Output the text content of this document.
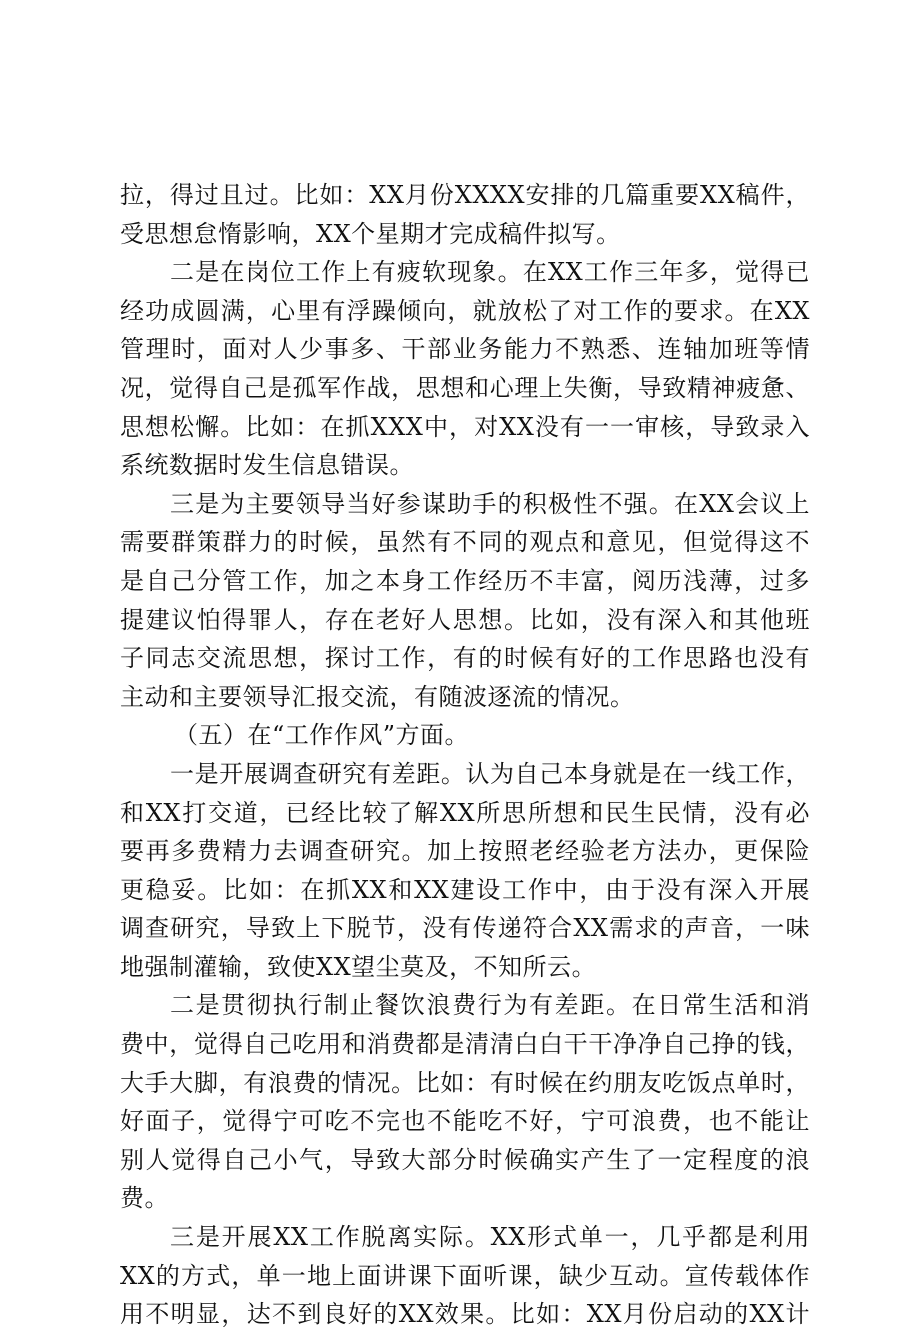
拉，得过且过。比如：XX月份XXXX安排的几篇重要XX稿件，
受思想怠惰影响，XX个星期才完成稿件拟写。
二是在岗位工作上有疲软现象。在XX工作三年多，觉得已
经功成圆满，心里有浮躁倾向，就放松了对工作的要求。在XX
管理时，面对人少事多、干部业务能力不熟悉、连轴加班等情
况，觉得自己是孤军作战，思想和心理上失衡，导致精神疲惫、
思想松懈。比如：在抓XXX中，对XX没有一一审核，导致录入
系统数据时发生信息错误。
三是为主要领导当好参谋助手的积极性不强。在XX会议上
需要群策群力的时候，虽然有不同的观点和意见，但觉得这不
是自己分管工作，加之本身工作经历不丰富，阅历浅薄，过多
提建议怕得罪人，存在老好人思想。比如，没有深入和其他班
子同志交流思想，探讨工作，有的时候有好的工作思路也没有
主动和主要领导汇报交流，有随波逐流的情况。
（五）在“工作作风”方面。
一是开展调查研究有差距。认为自己本身就是在一线工作，
和XX打交道，已经比较了解XX所思所想和民生民情，没有必
要再多费精力去调查研究。加上按照老经验老方法办，更保险
更稳妥。比如：在抓XX和XX建设工作中，由于没有深入开展
调查研究，导致上下脱节，没有传递符合XX需求的声音，一味
地强制灌输，致使XX望尘莫及，不知所云。
二是贯彻执行制止餐饮浪费行为有差距。在日常生活和消
费中，觉得自己吃用和消费都是清清白白干干净净自己挣的钱，
大手大脚，有浪费的情况。比如：有时候在约朋友吃饭点单时，
好面子，觉得宁可吃不完也不能吃不好，宁可浪费，也不能让
别人觉得自己小气，导致大部分时候确实产生了一定程度的浪
费。
三是开展XX工作脱离实际。XX形式单一，几乎都是利用
XX的方式，单一地上面讲课下面听课，缺少互动。宣传载体作
用不明显，达不到良好的XX效果。比如：XX月份启动的XX计
